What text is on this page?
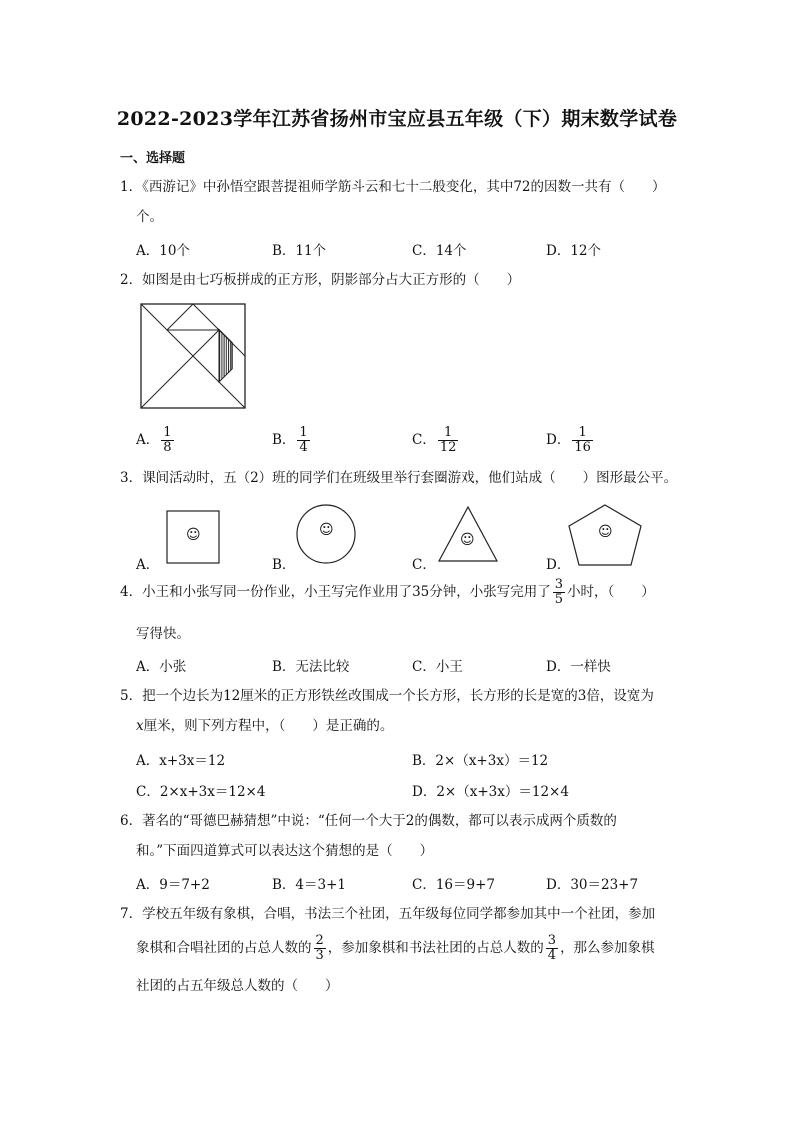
2022-2023学年江苏省扬州市宝应县五年级（下）期末数学试卷
一、选择题
1．《西游记》中孙悟空跟菩提祖师学筋斗云和七十二般变化，其中72的因数一共有（　　）
个。
A．10个	B．11个	C．14个	D．12个
2．如图是由七巧板拼成的正方形，阴影部分占大正方形的（　　）
A． $\frac{1}{8}$	B． $\frac{1}{4}$	C． $\frac{1}{12}$	D． $\frac{1}{16}$
3．课间活动时，五（2）班的同学们在班级里举行套圈游戏，他们站成（　　）图形最公平。
☺	☺
☺	☺
A．	B．	C．	D．
4．小王和小张写同一份作业，小王写完作业用了35分钟，小张写完用了 $\frac{3}{5}$ 小时，（　　）
写得快。
A．小张	B．无法比较	C．小王	D．一样快
5．把一个边长为12厘米的正方形铁丝改围成一个长方形，长方形的长是宽的3倍，设宽为
x厘米，则下列方程中，（　　）是正确的。
A．x+3x＝12	B．2×（x+3x）＝12
C．2×x+3x＝12×4	D．2×（x+3x）＝12×4
6．著名的“哥德巴赫猜想”中说：“任何一个大于2的偶数，都可以表示成两个质数的
和。”下面四道算式可以表达这个猜想的是（　　）
A．9＝7+2	B．4＝3+1	C．16＝9+7	D．30＝23+7
7．学校五年级有象棋，合唱，书法三个社团，五年级每位同学都参加其中一个社团，参加
象棋和合唱社团的占总人数的 $\frac{2}{3}$ ，参加象棋和书法社团的占总人数的 $\frac{3}{4}$ ，那么参加象棋
社团的占五年级总人数的（　　）
